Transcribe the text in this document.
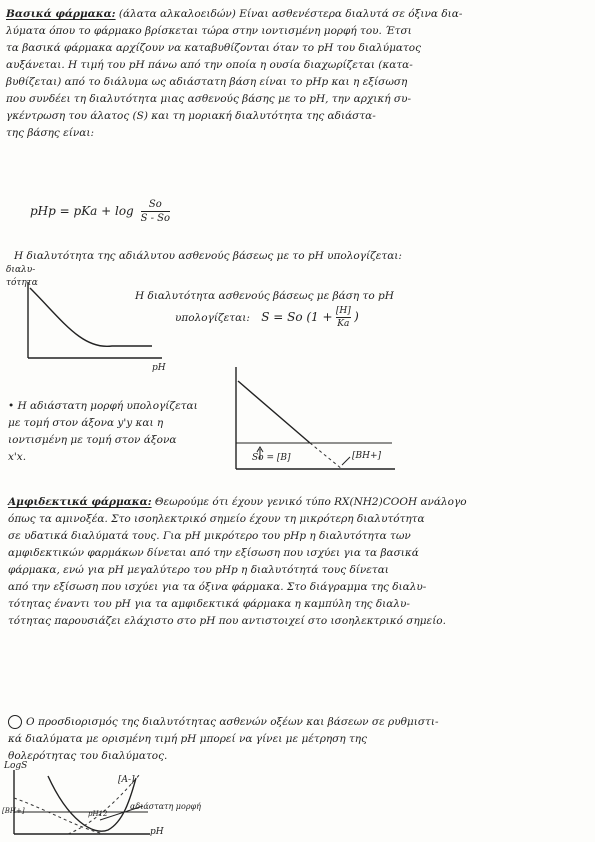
Βασικά φάρμακα: (άλατα αλκαλοειδών) Είναι ασθενέστερα διαλυτά σε όξινα δια-
λύματα όπου το φάρμακο βρίσκεται τώρα στην ιοντισμένη μορφή του. Έτσι
τα βασικά φάρμακα αρχίζουν να καταβυθίζονται όταν το pH του διαλύματος
αυξάνεται. Η τιμή του pH πάνω από την οποία η ουσία διαχωρίζεται (κατα-
βυθίζεται) από το διάλυμα ως αδιάστατη βάση είναι το pHp και η εξίσωση
που συνδέει τη διαλυτότητα μιας ασθενούς βάσης με το pH, την αρχική συ-
γκέντρωση του άλατος (S) και τη μοριακή διαλυτότητα της αδιάστα-
της βάσης είναι:
pHp = pKa + $\log \frac{So}{S - So}$
Η διαλυτότητα της αδιάλυτου ασθενούς βάσεως με το pH υπολογίζεται:
διαλυ-
τότητα
pH
Η διαλυτότητα ασθενούς βάσεως με βάση το pH
υπολογίζεται: S = So ($1 + \frac{[H]}{Ka}$ )
• Η αδιάστατη μορφή υπολογίζεται
με τομή στον άξονα y'y και η
ιοντισμένη με τομή στον άξονα
x'x.	So = [B]	[BH+]
Αμφιδεκτικά φάρμακα: Θεωρούμε ότι έχουν γενικό τύπο RX(NH2)COOH ανάλογο
όπως τα αμινοξέα. Στο ισοηλεκτρικό σημείο έχουν τη μικρότερη διαλυτότητα
σε υδατικά διαλύματά τους. Για pH μικρότερο του pHp η διαλυτότητα των
αμφιδεκτικών φαρμάκων δίνεται από την εξίσωση που ισχύει για τα βασικά
φάρμακα, ενώ για pH μεγαλύτερο του pHp η διαλυτότητά τους δίνεται
από την εξίσωση που ισχύει για τα όξινα φάρμακα. Στο διάγραμμα της διαλυ-
τότητας έναντι του pH για τα αμφιδεκτικά φάρμακα η καμπύλη της διαλυ-
τότητας παρουσιάζει ελάχιστο στο pH που αντιστοιχεί στο ισοηλεκτρικό σημείο.
Ο προσδιορισμός της διαλυτότητας ασθενών οξέων και βάσεων σε ρυθμιστι-
κά διαλύματα με ορισμένη τιμή pH μπορεί να γίνει με μέτρηση της
θολερότητας του διαλύματος.
LogS
[BH+]
[A-]
pH12
αδιάστατη μορφή
pH
